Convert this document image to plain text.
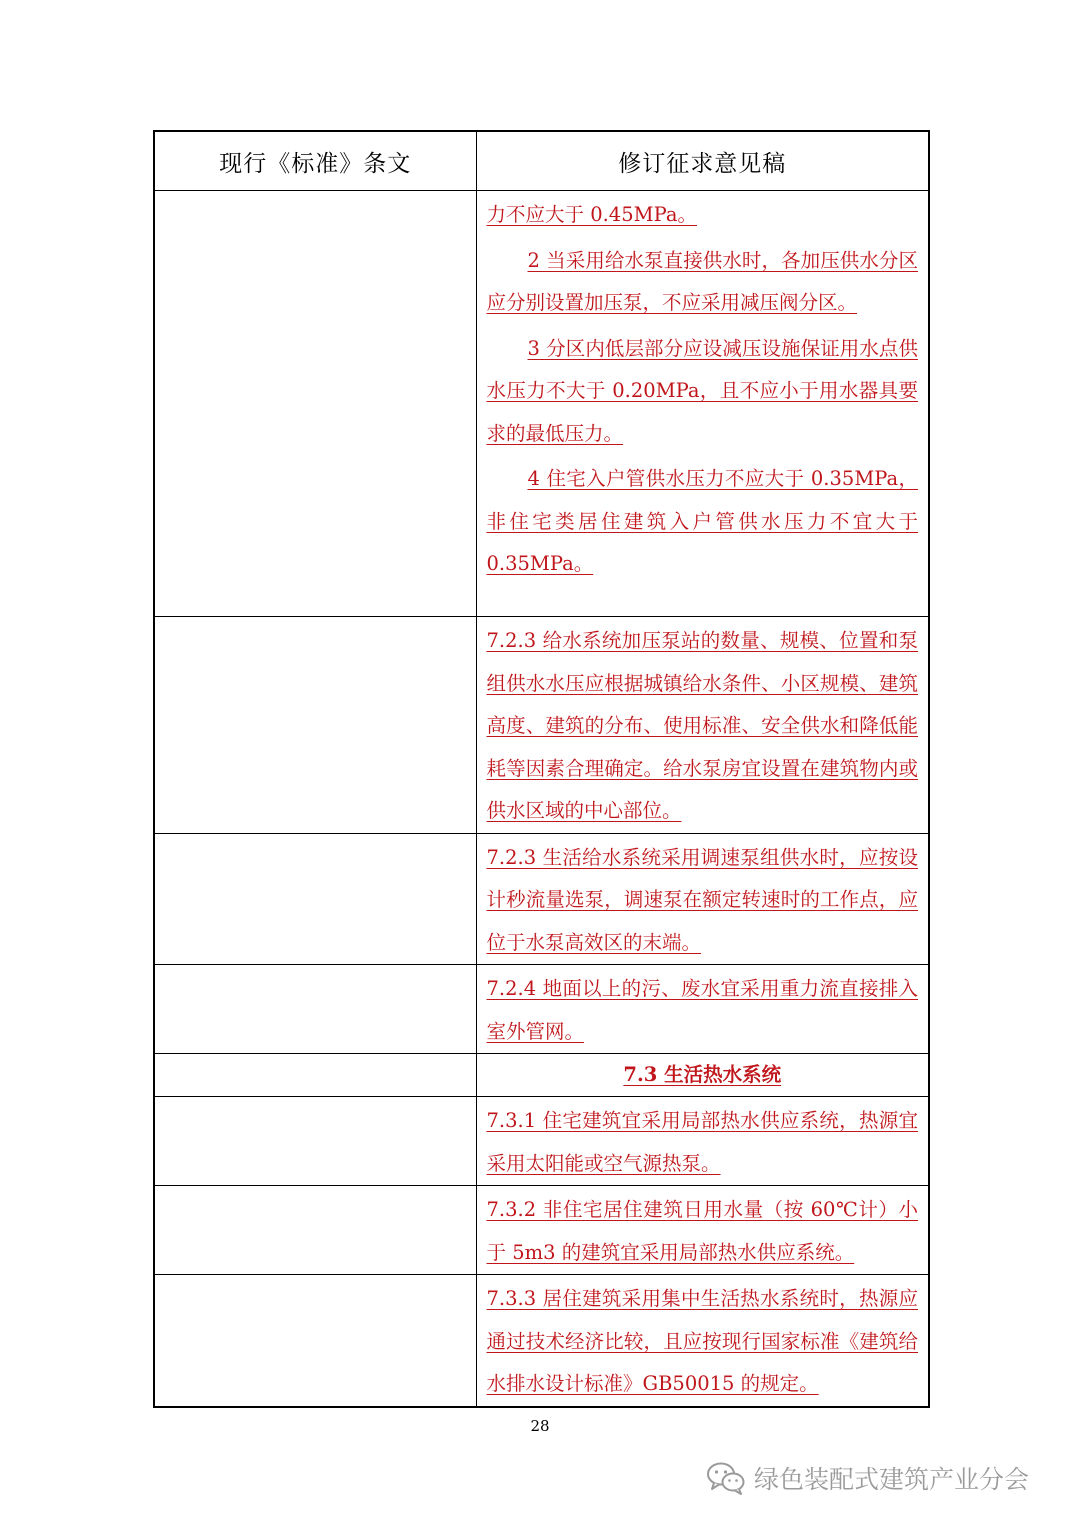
现行《标准》条文	修订征求意见稿

	力不应大于 0.45MPa。
2 当采用给水泵直接供水时，各加压供水分区应分别设置加压泵，不应采用减压阀分区。
3 分区内低层部分应设减压设施保证用水点供水压力不大于 0.20MPa，且不应小于用水器具要求的最低压力。
4 住宅入户管供水压力不应大于 0.35MPa，非住宅类居住建筑入户管供水压力不宜大于 0.35MPa。

	7.2.3 给水系统加压泵站的数量、规模、位置和泵组供水水压应根据城镇给水条件、小区规模、建筑高度、建筑的分布、使用标准、安全供水和降低能耗等因素合理确定。给水泵房宜设置在建筑物内或供水区域的中心部位。

	7.2.3 生活给水系统采用调速泵组供水时，应按设计秒流量选泵，调速泵在额定转速时的工作点，应位于水泵高效区的末端。

	7.2.4 地面以上的污、废水宜采用重力流直接排入室外管网。

	7.3 生活热水系统

	7.3.1 住宅建筑宜采用局部热水供应系统，热源宜采用太阳能或空气源热泵。

	7.3.2 非住宅居住建筑日用水量（按 60℃计）小于 5m3 的建筑宜采用局部热水供应系统。

	7.3.3 居住建筑采用集中生活热水系统时，热源应通过技术经济比较，且应按现行国家标准《建筑给水排水设计标准》GB50015 的规定。
28
绿色装配式建筑产业分会
